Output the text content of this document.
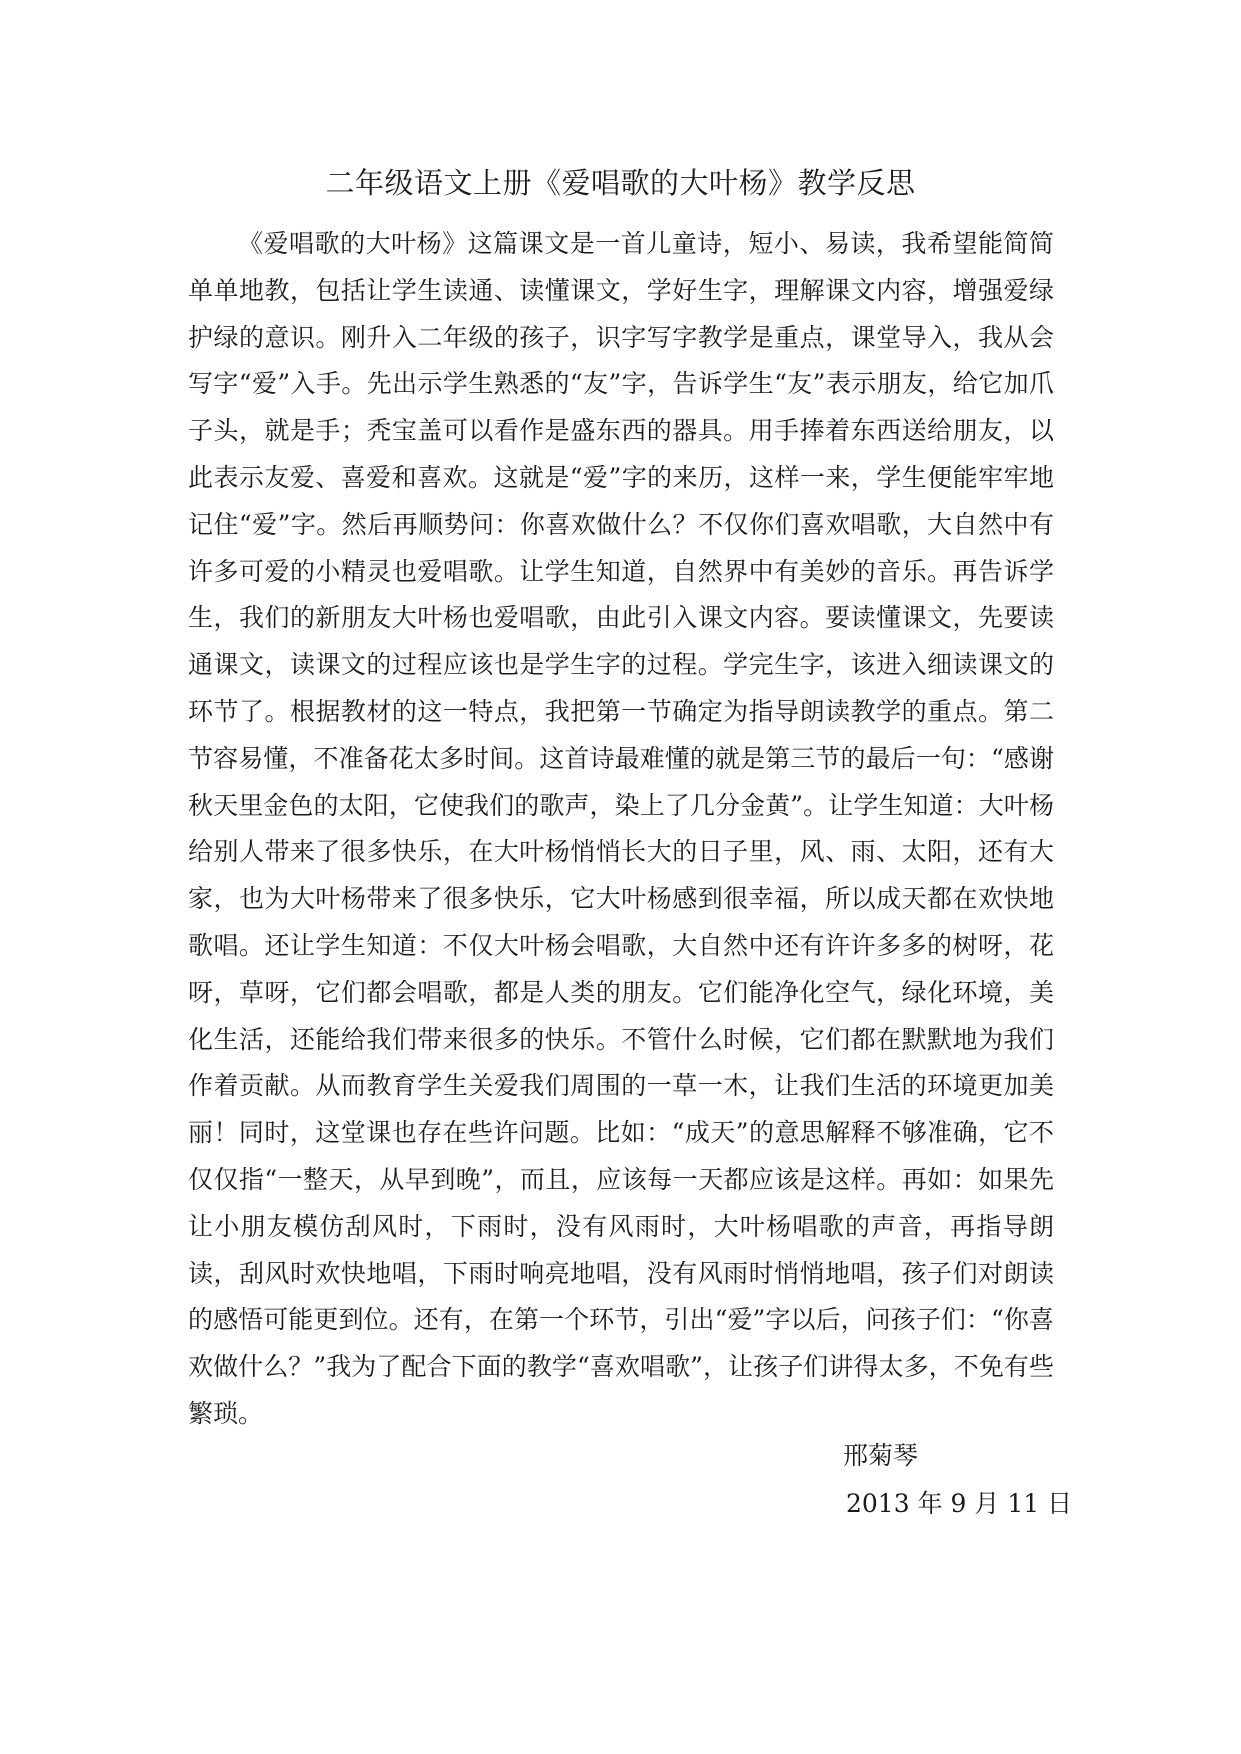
二年级语文上册《爱唱歌的大叶杨》教学反思

《爱唱歌的大叶杨》这篇课文是一首儿童诗，短小、易读，我希望能简简单单地教，包括让学生读通、读懂课文，学好生字，理解课文内容，增强爱绿护绿的意识。刚升入二年级的孩子，识字写字教学是重点，课堂导入，我从会写字“爱”入手。先出示学生熟悉的“友”字，告诉学生“友”表示朋友，给它加爪子头，就是手；秃宝盖可以看作是盛东西的器具。用手捧着东西送给朋友，以此表示友爱、喜爱和喜欢。这就是“爱”字的来历，这样一来，学生便能牢牢地记住“爱”字。然后再顺势问：你喜欢做什么？不仅你们喜欢唱歌，大自然中有许多可爱的小精灵也爱唱歌。让学生知道，自然界中有美妙的音乐。再告诉学生，我们的新朋友大叶杨也爱唱歌，由此引入课文内容。要读懂课文，先要读通课文，读课文的过程应该也是学生字的过程。学完生字，该进入细读课文的环节了。根据教材的这一特点，我把第一节确定为指导朗读教学的重点。第二节容易懂，不准备花太多时间。这首诗最难懂的就是第三节的最后一句：“感谢秋天里金色的太阳，它使我们的歌声，染上了几分金黄”。让学生知道：大叶杨给别人带来了很多快乐，在大叶杨悄悄长大的日子里，风、雨、太阳，还有大家，也为大叶杨带来了很多快乐，它大叶杨感到很幸福，所以成天都在欢快地歌唱。还让学生知道：不仅大叶杨会唱歌，大自然中还有许许多多的树呀，花呀，草呀，它们都会唱歌，都是人类的朋友。它们能净化空气，绿化环境，美化生活，还能给我们带来很多的快乐。不管什么时候，它们都在默默地为我们作着贡献。从而教育学生关爱我们周围的一草一木，让我们生活的环境更加美丽！同时，这堂课也存在些许问题。比如：“成天”的意思解释不够准确，它不仅仅指“一整天，从早到晚”，而且，应该每一天都应该是这样。再如：如果先让小朋友模仿刮风时，下雨时，没有风雨时，大叶杨唱歌的声音，再指导朗读，刮风时欢快地唱，下雨时响亮地唱，没有风雨时悄悄地唱，孩子们对朗读的感悟可能更到位。还有，在第一个环节，引出“爱”字以后，问孩子们：“你喜欢做什么？”我为了配合下面的教学“喜欢唱歌”，让孩子们讲得太多，不免有些繁琐。

邢菊琴
2013 年 9 月 11 日
